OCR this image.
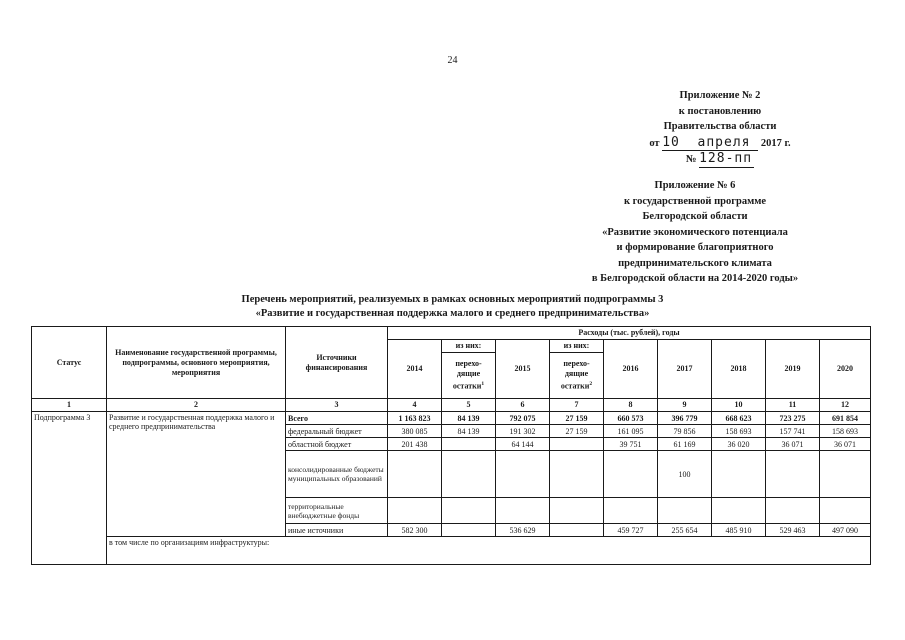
24
Приложение № 2
к постановлению
Правительства области
от 10 апреля 2017 г.
№ 128-пп
Приложение № 6
к государственной программе
Белгородской области
«Развитие экономического потенциала
и формирование благоприятного
предпринимательского климата
в Белгородской области на 2014-2020 годы»
Перечень мероприятий, реализуемых в рамках основных мероприятий подпрограммы 3
«Развитие и государственная поддержка малого и среднего предпринимательства»
Статус	Наименование государственной программы, подпрограммы, основного мероприятия, мероприятия	Источники финансирования	Расходы (тыс. рублей), годы								
			2014	из них:	2015	из них:	2016	2017	2018	2019	2020
				перехо-дящие остатки$^1$		перехо-дящие остатки$^2$
1	2	3	4	5	6	7	8	9	10	11	12
Подпрограмма 3	Развитие и государственная поддержка малого и среднего предпринимательства	Всего	1 163 823	84 139	792 075	27 159	660 573	396 779	668 623	723 275	691 854
		федеральный бюджет	380 085	84 139	191 302	27 159	161 095	79 856	158 693	157 741	158 693
		областной бюджет	201 438		64 144		39 751	61 169	36 020	36 071	36 071
		консолидированные бюджеты муниципальных образований						100			
		территориальные внебюджетные фонды									
		иные источники	582 300		536 629		459 727	255 654	485 910	529 463	497 090
	в том числе по организациям инфраструктуры:										
